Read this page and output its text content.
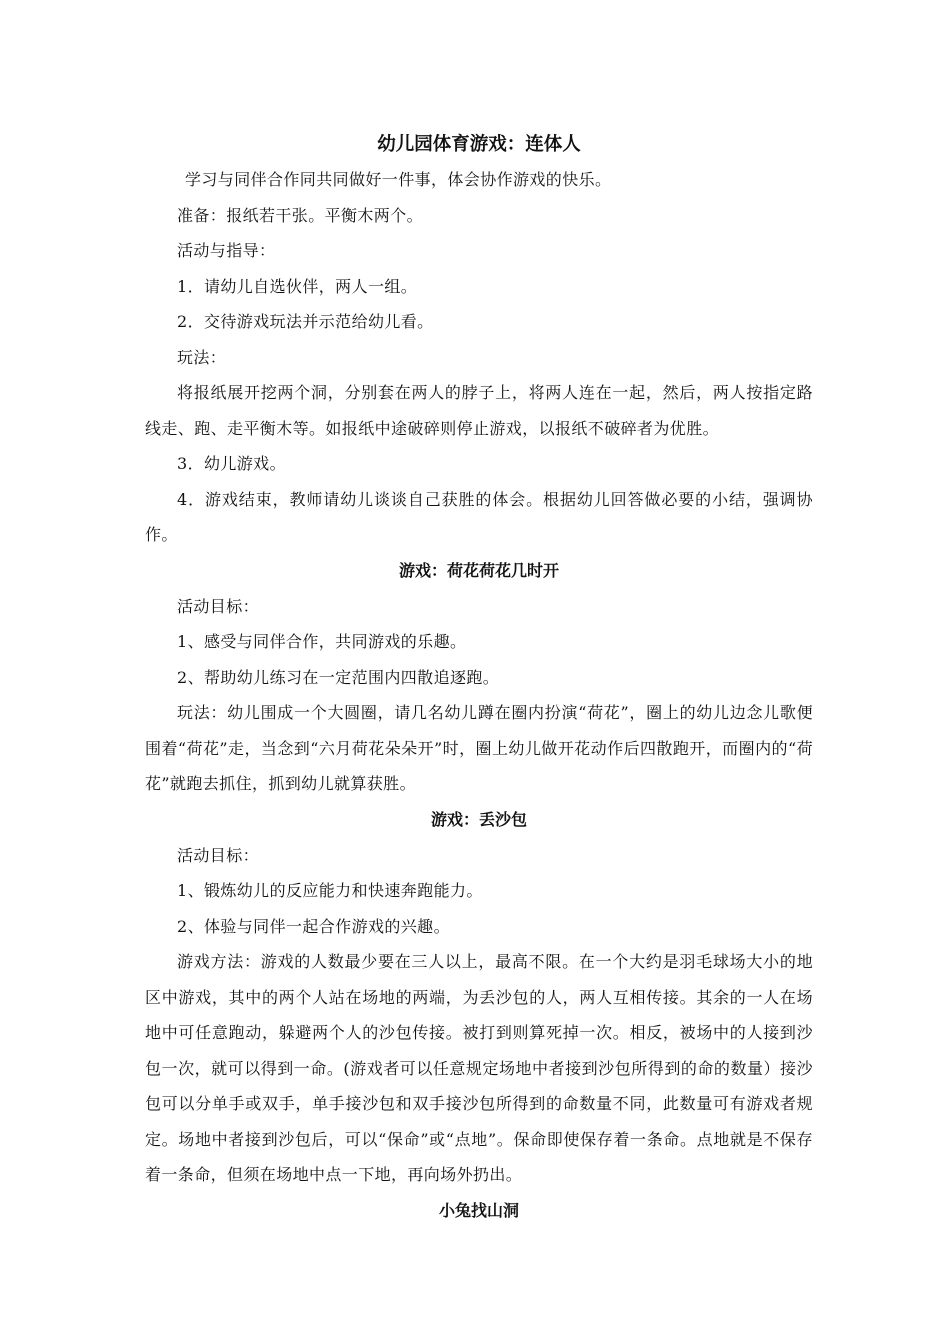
幼儿园体育游戏：连体人

学习与同伴合作同共同做好一件事，体会协作游戏的快乐。

准备：报纸若干张。平衡木两个。

活动与指导：

1．请幼儿自选伙伴，两人一组。

2．交待游戏玩法并示范给幼儿看。

玩法：

将报纸展开挖两个洞，分别套在两人的脖子上，将两人连在一起，然后，两人按指定路线走、跑、走平衡木等。如报纸中途破碎则停止游戏，以报纸不破碎者为优胜。

3．幼儿游戏。

4．游戏结束，教师请幼儿谈谈自己获胜的体会。根据幼儿回答做必要的小结，强调协作。

游戏：荷花荷花几时开

活动目标：

1、感受与同伴合作，共同游戏的乐趣。

2、帮助幼儿练习在一定范围内四散追逐跑。

玩法：幼儿围成一个大圆圈，请几名幼儿蹲在圈内扮演“荷花”，圈上的幼儿边念儿歌便围着“荷花”走，当念到“六月荷花朵朵开”时，圈上幼儿做开花动作后四散跑开，而圈内的“荷花”就跑去抓住，抓到幼儿就算获胜。

游戏：丢沙包

活动目标：

1、锻炼幼儿的反应能力和快速奔跑能力。

2、体验与同伴一起合作游戏的兴趣。

游戏方法：游戏的人数最少要在三人以上，最高不限。在一个大约是羽毛球场大小的地区中游戏，其中的两个人站在场地的两端，为丢沙包的人，两人互相传接。其余的一人在场地中可任意跑动，躲避两个人的沙包传接。被打到则算死掉一次。相反，被场中的人接到沙包一次，就可以得到一命。(游戏者可以任意规定场地中者接到沙包所得到的命的数量）接沙包可以分单手或双手，单手接沙包和双手接沙包所得到的命数量不同，此数量可有游戏者规定。场地中者接到沙包后，可以“保命”或“点地”。保命即使保存着一条命。点地就是不保存着一条命，但须在场地中点一下地，再向场外扔出。

小兔找山洞
